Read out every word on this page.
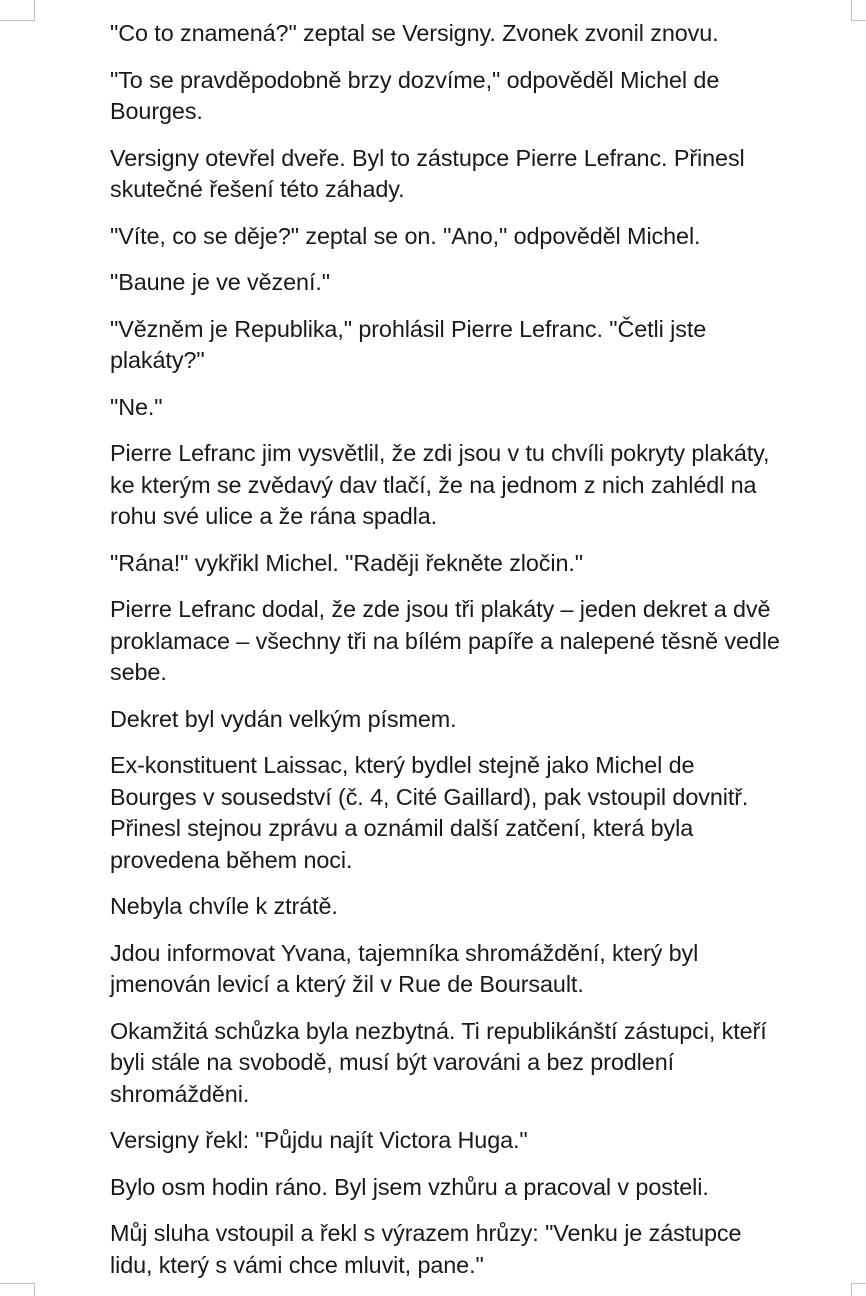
"Co to znamená?" zeptal se Versigny. Zvonek zvonil znovu.

"To se pravděpodobně brzy dozvíme," odpověděl Michel de Bourges.

Versigny otevřel dveře. Byl to zástupce Pierre Lefranc. Přinesl skutečné řešení této záhady.

"Víte, co se děje?" zeptal se on. "Ano," odpověděl Michel.

"Baune je ve vězení."

"Vězněm je Republika," prohlásil Pierre Lefranc. "Četli jste plakáty?"

"Ne."

Pierre Lefranc jim vysvětlil, že zdi jsou v tu chvíli pokryty plakáty, ke kterým se zvědavý dav tlačí, že na jednom z nich zahlédl na rohu své ulice a že rána spadla.

"Rána!" vykřikl Michel. "Raději řekněte zločin."

Pierre Lefranc dodal, že zde jsou tři plakáty – jeden dekret a dvě proklamace – všechny tři na bílém papíře a nalepené těsně vedle sebe.

Dekret byl vydán velkým písmem.

Ex-konstituent Laissac, který bydlel stejně jako Michel de Bourges v sousedství (č. 4, Cité Gaillard), pak vstoupil dovnitř. Přinesl stejnou zprávu a oznámil další zatčení, která byla provedena během noci.

Nebyla chvíle k ztrátě.

Jdou informovat Yvana, tajemníka shromáždění, který byl jmenován levicí a který žil v Rue de Boursault.

Okamžitá schůzka byla nezbytná. Ti republikánští zástupci, kteří byli stále na svobodě, musí být varováni a bez prodlení shromážděni.

Versigny řekl: "Půjdu najít Victora Huga."

Bylo osm hodin ráno. Byl jsem vzhůru a pracoval v posteli.

Můj sluha vstoupil a řekl s výrazem hrůzy: "Venku je zástupce lidu, který s vámi chce mluvit, pane."
